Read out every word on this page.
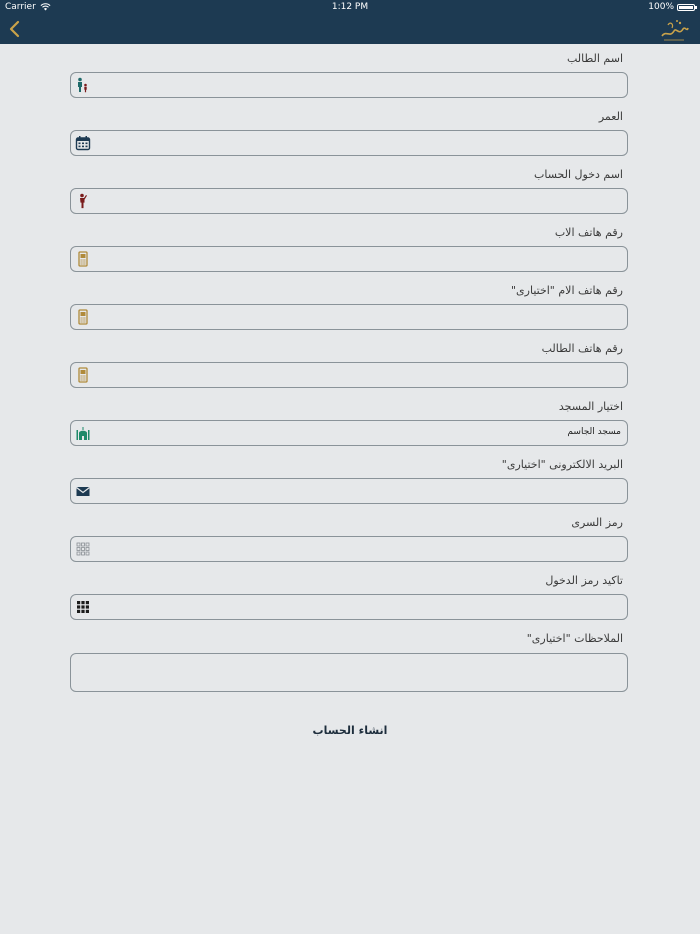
Carrier	1:12 PM	100%
اسم الطالب
العمر
اسم دخول الحساب
رقم هاتف الاب
رقم هاتف الام "اختيارى"
رقم هاتف الطالب
اختيار المسجد
مسجد الجاسم
البريد الالكترونى "اختيارى"
رمز السرى
تاكيد رمز الدخول
الملاحظات "اختيارى"
انشاء الحساب
